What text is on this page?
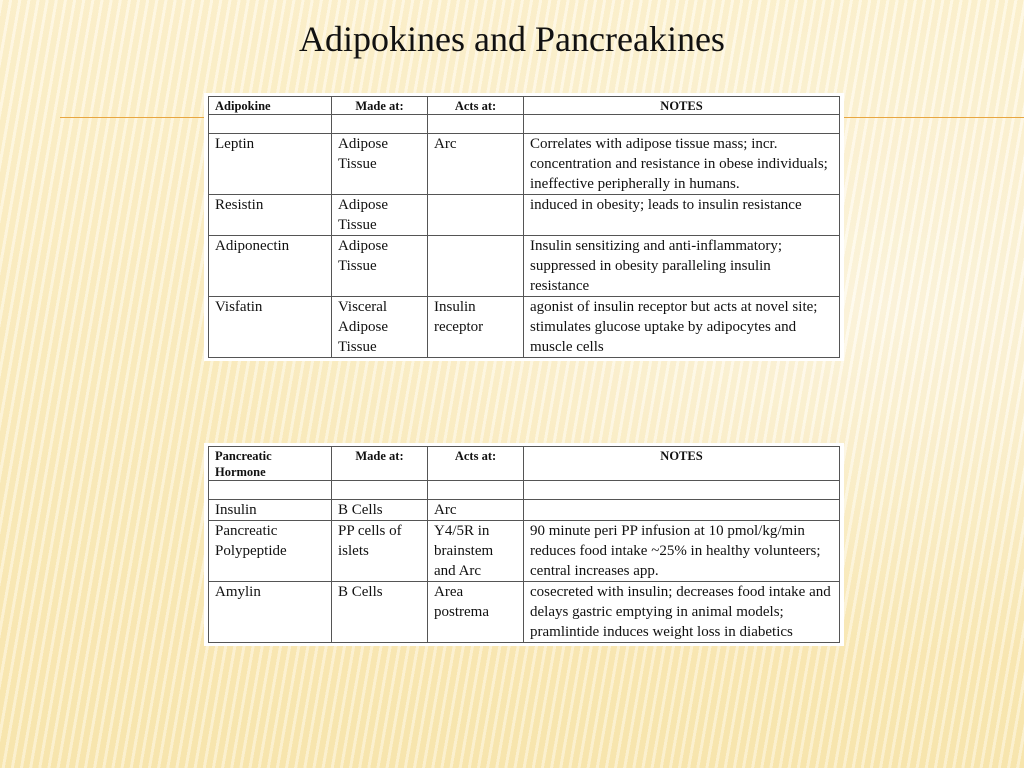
Adipokines and Pancreakines
Adipokine	Made at:	Acts at:	NOTES

Leptin	Adipose Tissue	Arc	Correlates with adipose tissue mass; incr. concentration and resistance in obese individuals; ineffective peripherally in humans.
Resistin	Adipose Tissue		induced in obesity; leads to insulin resistance
Adiponectin	Adipose Tissue		Insulin sensitizing and anti-inflammatory; suppressed in obesity paralleling insulin resistance
Visfatin	Visceral Adipose Tissue	Insulin receptor	agonist of insulin receptor but acts at novel site; stimulates glucose uptake by adipocytes and muscle cells
Pancreatic Hormone	Made at:	Acts at:	NOTES

Insulin	B Cells	Arc	
Pancreatic Polypeptide	PP cells of islets	Y4/5R in brainstem and Arc	90 minute peri PP infusion at 10 pmol/kg/min reduces food intake ~25% in healthy volunteers; central increases app.
Amylin	B Cells	Area postrema	cosecreted with insulin; decreases food intake and delays gastric emptying in animal models; pramlintide induces weight loss in diabetics
